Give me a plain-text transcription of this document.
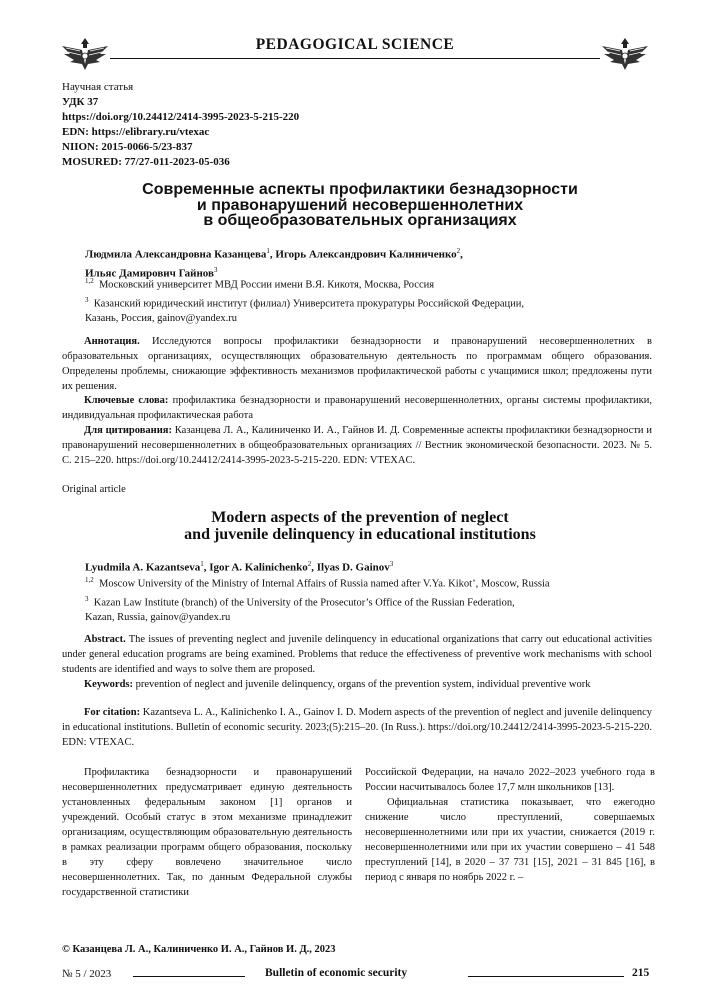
PEDAGOGICAL SCIENCE
Научная статья
УДК 37
https://doi.org/10.24412/2414-3995-2023-5-215-220
EDN: https://elibrary.ru/vtexac
NIION: 2015-0066-5/23-837
MOSURED: 77/27-011-2023-05-036
Современные аспекты профилактики безнадзорности
и правонарушений несовершеннолетних
в общеобразовательных организациях
Людмила Александровна Казанцева$^1$, Игорь Александрович Калиниченко$^2$,
Ильяс Дамирович Гайнов$^3$
$^{1,2}$ Московский университет МВД России имени В.Я. Кикотя, Москва, Россия
$^3$ Казанский юридический институт (филиал) Университета прокуратуры Российской Федерации,
Казань, Россия, gainov@yandex.ru
Аннотация. Исследуются вопросы профилактики безнадзорности и правонарушений несовершеннолетних в образовательных организациях, осуществляющих образовательную деятельность по программам общего образования. Определены проблемы, снижающие эффективность механизмов профилактической работы с учащимися школ; предложены пути их решения.
Ключевые слова: профилактика безнадзорности и правонарушений несовершеннолетних, органы системы профилактики, индивидуальная профилактическая работа
Для цитирования: Казанцева Л. А., Калиниченко И. А., Гайнов И. Д. Современные аспекты профилактики безнадзорности и правонарушений несовершеннолетних в общеобразовательных организациях // Вестник экономической безопасности. 2023. № 5. С. 215–220. https://doi.org/10.24412/2414-3995-2023-5-215-220. EDN: VTEXAC.
Original article
Modern aspects of the prevention of neglect
and juvenile delinquency in educational institutions
Lyudmila A. Kazantseva$^1$, Igor A. Kalinichenko$^2$, Ilyas D. Gainov$^3$
$^{1,2}$ Moscow University of the Ministry of Internal Affairs of Russia named after V.Ya. Kikot’, Moscow, Russia
$^3$ Kazan Law Institute (branch) of the University of the Prosecutor’s Office of the Russian Federation,
Kazan, Russia, gainov@yandex.ru
Abstract. The issues of preventing neglect and juvenile delinquency in educational organizations that carry out educational activities under general education programs are being examined. Problems that reduce the effectiveness of preventive work mechanisms with school students are identified and ways to solve them are proposed.
Keywords: prevention of neglect and juvenile delinquency, organs of the prevention system, individual preventive work
For citation: Kazantseva L. A., Kalinichenko I. A., Gainov I. D. Modern aspects of the prevention of neglect and juvenile delinquency in educational institutions. Bulletin of economic security. 2023;(5):215–20. (In Russ.). https://doi.org/10.24412/2414-3995-2023-5-215-220. EDN: VTEXAC.

Профилактика безнадзорности и правонарушений несовершеннолетних предусматривает единую деятельность установленных федеральным законом [1] органов и учреждений. Особый статус в этом механизме принадлежит организациям, осуществляющим образовательную деятельность в рамках реализации программ общего образования, поскольку в эту сферу вовлечено значительное число несовершеннолетних. Так, по данным Федеральной службы государственной статистики

Российской Федерации, на начало 2022–2023 учебного года в России насчитывалось более 17,7 млн школьников [13].

Официальная статистика показывает, что ежегодно снижение число преступлений, совершаемых несовершеннолетними или при их участии, снижается (2019 г. несовершеннолетними или при их участии совершено – 41 548 преступлений [14], в 2020 – 37 731 [15], 2021 – 31 845 [16], в период с января по ноябрь 2022 г. –

© Казанцева Л. А., Калиниченко И. А., Гайнов И. Д., 2023
№ 5 / 2023	Bulletin of economic security	215
